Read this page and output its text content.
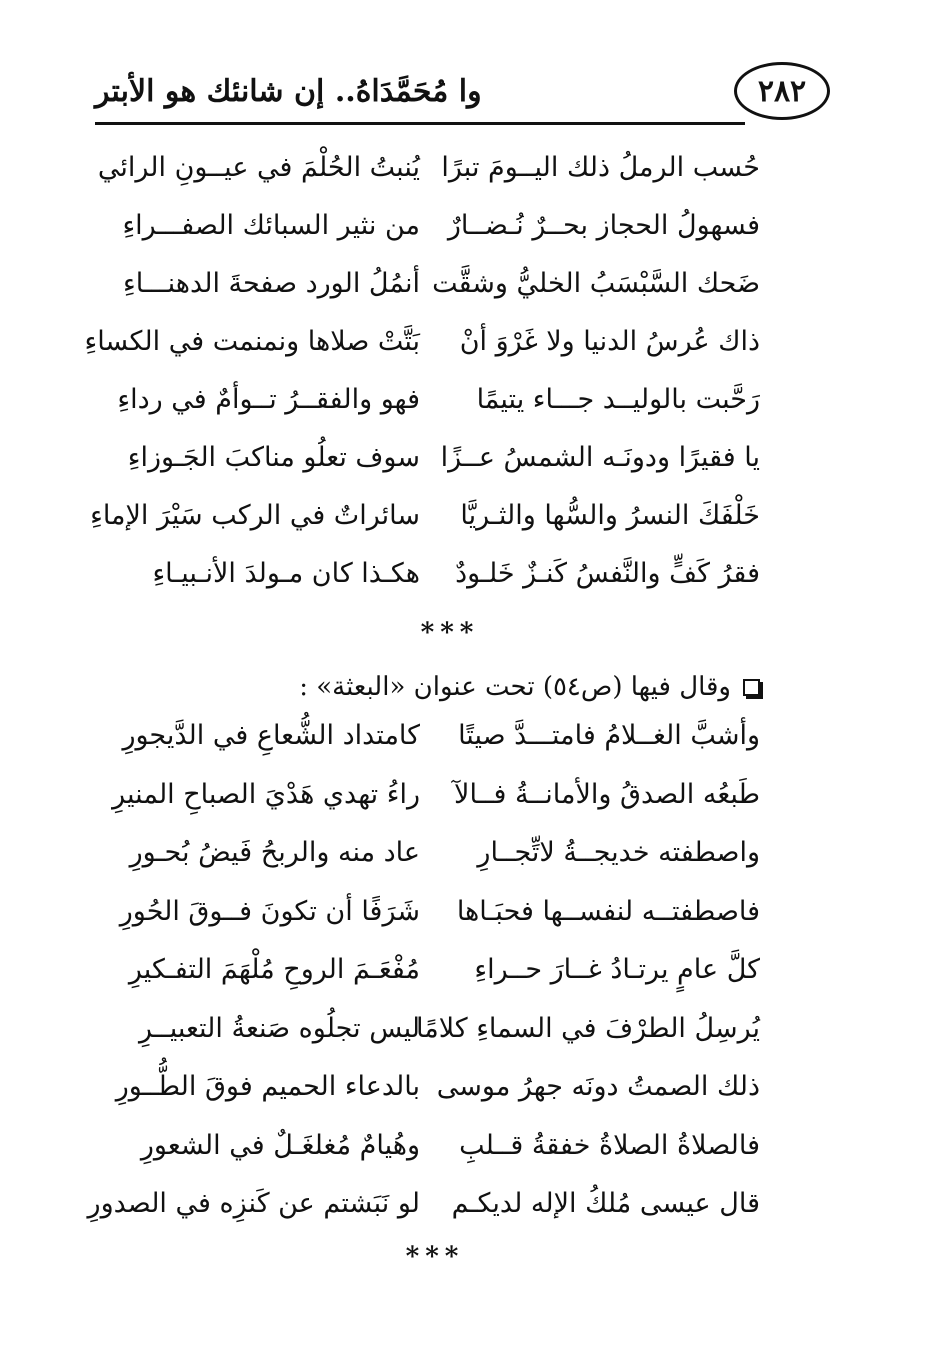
وا مُحَمَّدَاهُ.. إن شانئك هو الأبتر	٢٨٢
حُسب الرملُ ذلك اليــومَ تبرًا
يُنبتُ الحُلْمَ في عيــونِ الرائي
فسهولُ الحجاز بحــرٌ نُـضــارٌ
من نثير السبائك الصفـــراءِ
ضَحك السَّبْسَبُ الخليُّ وشقَّت
أنمُلُ الورد صفحةَ الدهنـــاءِ
ذاك عُرسُ الدنيا ولا غَرْوَ أنْ
بَتَّتْ صلاها ونمنمت في الكساءِ
رَحَّبت بالوليــد جـــاء يتيمًا
فهو والفقــرُ تــوأمٌ في رداءِ
يا فقيرًا ودونَـه الشمسُ عــزًا
سوف تعلُو مناكبَ الجَـوزاءِ
خَلْفَكَ النسرُ والسُّها والثـريَّا
سائراتٌ في الركب سَيْرَ الإماءِ
فقرُ كَفٍّ والنَّفسُ كَنـزٌ خَلـودٌ
هكـذا كان مـولدَ الأنـبيـاءِ
***
وقال فيها (ص٥٤) تحت عنوان «البعثة» :
وأشبَّ الغــلامُ فامتـــدَّ صيتًا
كامتداد الشُّعاعِ في الدَّيجورِ
طَبعُه الصدقُ والأمانــةُ فــالآ
راءُ تهدي هَدْيَ الصباحِ المنيرِ
واصطفته خديجــةُ لاتِّجــارِ
عاد منه والربحُ فَيضُ بُحـورِ
فاصطفتــه لنفســها فحبَـاها
شَرَفًا أن تكونَ فــوقَ الحُورِ
كلَّ عامٍ يرتـادُ غــارَ حــراءِ
مُفْعَـمَ الروحِ مُلْهَمَ التفـكيرِ
يُرسِلُ الطرْفَ في السماءِ كلامًا
ليس تجلُوه صَنعةُ التعبيــرِ
ذلك الصمتُ دونَه جهرُ موسى
بالدعاء الحميم فوقَ الطُّــورِ
فالصلاةُ الصلاةُ خفقةُ قــلبِ
وهُيامٌ مُغلغَـلٌ في الشعورِ
قال عيسى مُلكُ الإله لديكـم
لو نَبَشتم عن كَنزِه في الصدورِ
***
